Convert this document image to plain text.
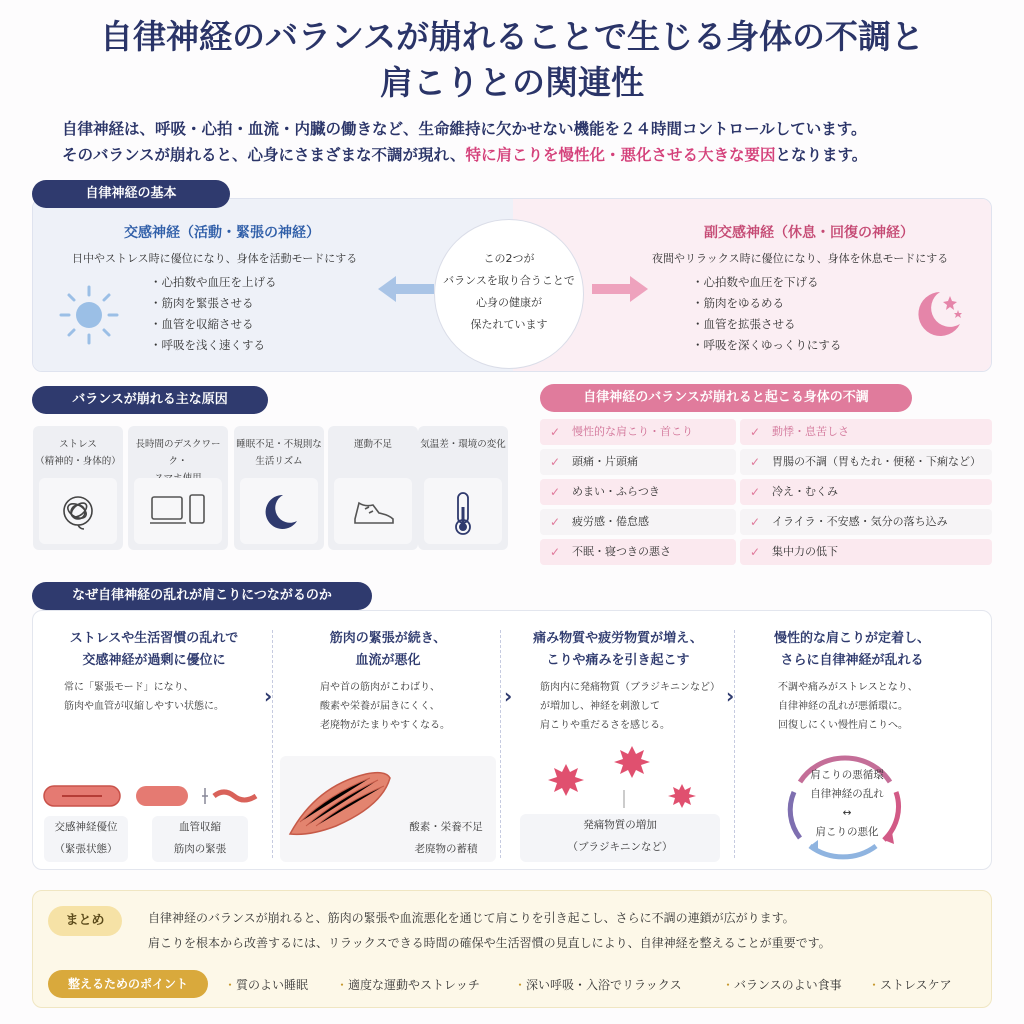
自律神経のバランスが崩れることで生じる身体の不調と
肩こりとの関連性
自律神経は、呼吸・心拍・血流・内臓の働きなど、生命維持に欠かせない機能を２４時間コントロールしています。
そのバランスが崩れると、心身にさまざまな不調が現れ、特に肩こりを慢性化・悪化させる大きな要因となります。
自律神経の基本
交感神経（活動・緊張の神経）
日中やストレス時に優位になり、身体を活動モードにする
・ 心拍数や血圧を上げる
・ 筋肉を緊張させる
・ 血管を収縮させる
・ 呼吸を浅く速くする
副交感神経（休息・回復の神経）
夜間やリラックス時に優位になり、身体を休息モードにする
・ 心拍数や血圧を下げる
・ 筋肉をゆるめる
・ 血管を拡張させる
・ 呼吸を深くゆっくりにする
この2つが
バランスを取り合うことで
心身の健康が
保たれています
バランスが崩れる主な原因
ストレス
（精神的・身体的）
長時間のデスクワーク・
睡眠不足・不規則な
生活リズム
運動不足	気温差・環境の変化
自律神経のバランスが崩れると起こる身体の不調
✓ 慢性的な肩こり・首こり
✓ 頭痛・片頭痛
✓ めまい・ふらつき
✓ 疲労感・倦怠感
✓ 不眠・寝つきの悪さ
✓ 動悸・息苦しさ
✓ 胃腸の不調（胃もたれ・便秘・下痢など）
✓ 冷え・むくみ
✓ イライラ・不安感・気分の落ち込み
✓ 集中力の低下
なぜ自律神経の乱れが肩こりにつながるのか
›	›	›
ストレスや生活習慣の乱れで
交感神経が過剰に優位に
常に「緊張モード」になり、
筋肉や血管が収縮しやすい状態に。
交感神経優位
（緊張状態）
血管収縮
筋肉の緊張
筋肉の緊張が続き、
血流が悪化
肩や首の筋肉がこわばり、
酸素や栄養が届きにくく、
老廃物がたまりやすくなる。
酸素・栄養不足
老廃物の蓄積
痛み物質や疲労物質が増え、
こりや痛みを引き起こす
筋肉内に発痛物質（ブラジキニンなど）
が増加し、神経を刺激して
肩こりや重だるさを感じる。
発痛物質の増加
（ブラジキニンなど）
慢性的な肩こりが定着し、
さらに自律神経が乱れる
不調や痛みがストレスとなり、
自律神経の乱れが悪循環に。
回復しにくい慢性肩こりへ。
肩こりの悪循環
自律神経の乱れ
↔
肩こりの悪化
まとめ	自律神経のバランスが崩れると、筋肉の緊張や血流悪化を通じて肩こりを引き起こし、さらに不調の連鎖が広がります。
肩こりを根本から改善するには、リラックスできる時間の確保や生活習慣の見直しにより、自律神経を整えることが重要です。
整えるためのポイント	・ 質のよい睡眠	・ 適度な運動やストレッチ	・ 深い呼吸・入浴でリラックス	・ バランスのよい食事	・ ストレスケア
